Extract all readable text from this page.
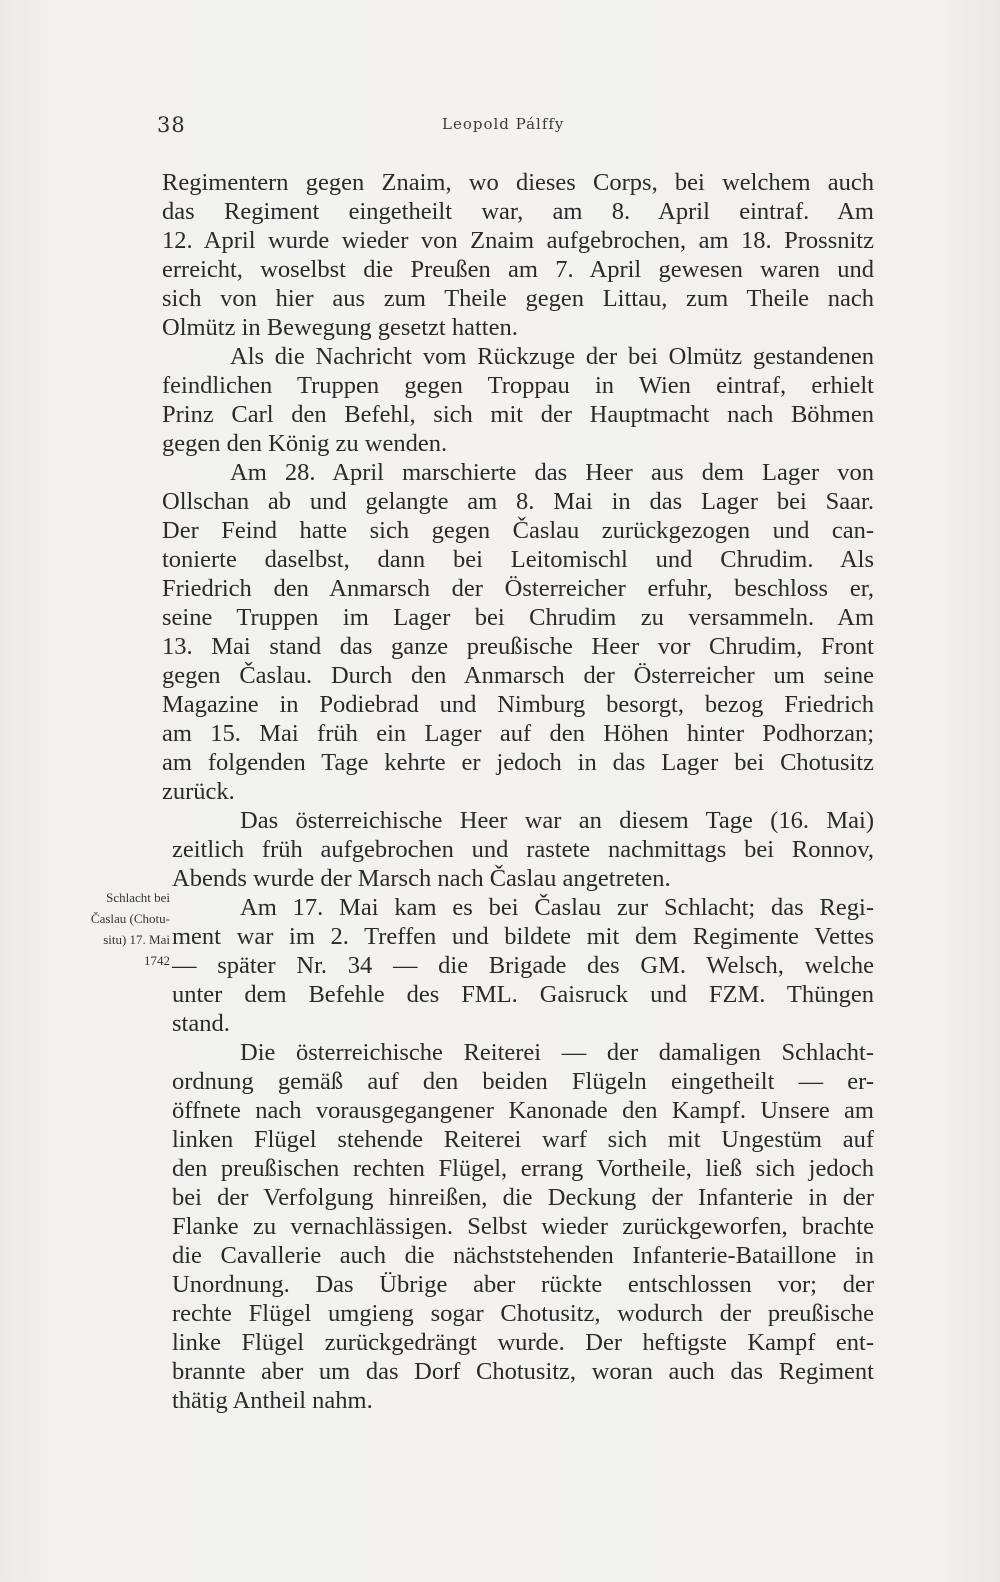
38	Leopold Pálffy
Regimentern gegen Znaim, wo dieses Corps, bei welchem auch
das Regiment eingetheilt war, am 8. April eintraf. Am
12. April wurde wieder von Znaim aufgebrochen, am 18. Prossnitz
erreicht, woselbst die Preußen am 7. April gewesen waren und
sich von hier aus zum Theile gegen Littau, zum Theile nach
Olmütz in Bewegung gesetzt hatten.
Als die Nachricht vom Rückzuge der bei Olmütz gestandenen
feindlichen Truppen gegen Troppau in Wien eintraf, erhielt
Prinz Carl den Befehl, sich mit der Hauptmacht nach Böhmen
gegen den König zu wenden.
Am 28. April marschierte das Heer aus dem Lager von
Ollschan ab und gelangte am 8. Mai in das Lager bei Saar.
Der Feind hatte sich gegen Časlau zurückgezogen und can-
tonierte daselbst, dann bei Leitomischl und Chrudim. Als
Friedrich den Anmarsch der Österreicher erfuhr, beschloss er,
seine Truppen im Lager bei Chrudim zu versammeln. Am
13. Mai stand das ganze preußische Heer vor Chrudim, Front
gegen Časlau. Durch den Anmarsch der Österreicher um seine
Magazine in Podiebrad und Nimburg besorgt, bezog Friedrich
am 15. Mai früh ein Lager auf den Höhen hinter Podhorzan;
am folgenden Tage kehrte er jedoch in das Lager bei Chotusitz
zurück.
Das österreichische Heer war an diesem Tage (16. Mai)
zeitlich früh aufgebrochen und rastete nachmittags bei Ronnov,
Abends wurde der Marsch nach Časlau angetreten.
Am 17. Mai kam es bei Časlau zur Schlacht; das Regi-
ment war im 2. Treffen und bildete mit dem Regimente Vettes
— später Nr. 34 — die Brigade des GM. Welsch, welche
unter dem Befehle des FML. Gaisruck und FZM. Thüngen
stand.
Die österreichische Reiterei — der damaligen Schlacht-
ordnung gemäß auf den beiden Flügeln eingetheilt — er-
öffnete nach vorausgegangener Kanonade den Kampf. Unsere am
linken Flügel stehende Reiterei warf sich mit Ungestüm auf
den preußischen rechten Flügel, errang Vortheile, ließ sich jedoch
bei der Verfolgung hinreißen, die Deckung der Infanterie in der
Flanke zu vernachlässigen. Selbst wieder zurückgeworfen, brachte
die Cavallerie auch die nächststehenden Infanterie-Bataillone in
Unordnung. Das Übrige aber rückte entschlossen vor; der
rechte Flügel umgieng sogar Chotusitz, wodurch der preußische
linke Flügel zurückgedrängt wurde. Der heftigste Kampf ent-
brannte aber um das Dorf Chotusitz, woran auch das Regiment
thätig Antheil nahm.
Schlacht bei
Časlau (Chotu-
situ) 17. Mai
1742
